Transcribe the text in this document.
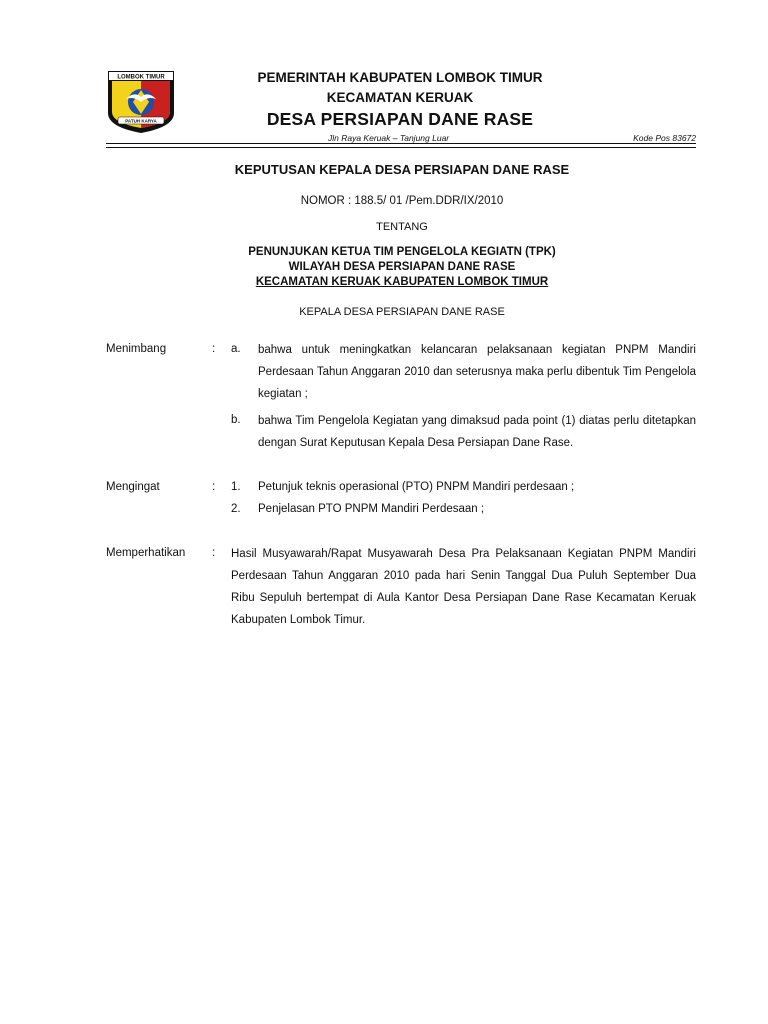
LOMBOK TIMUR
PATUH KARYA
PEMERINTAH KABUPATEN LOMBOK TIMUR
KECAMATAN KERUAK
DESA PERSIAPAN DANE RASE
Jln Raya Keruak – Tanjung Luar	Kode Pos 83672
KEPUTUSAN KEPALA DESA PERSIAPAN DANE RASE
NOMOR : 188.5/ 01 /Pem.DDR/IX/2010
TENTANG
PENUNJUKAN KETUA TIM PENGELOLA KEGIATN (TPK)
WILAYAH DESA PERSIAPAN DANE RASE
KECAMATAN KERUAK KABUPATEN LOMBOK TIMUR
KEPALA DESA PERSIAPAN DANE RASE
Menimbang	: a. bahwa untuk meningkatkan kelancaran pelaksanaan kegiatan PNPM Mandiri Perdesaan Tahun Anggaran 2010 dan seterusnya maka perlu dibentuk Tim Pengelola kegiatan ;

b. bahwa Tim Pengelola Kegiatan yang dimaksud pada point (1) diatas perlu ditetapkan dengan Surat Keputusan Kepala Desa Persiapan Dane Rase.

Mengingat	: 1. Petunjuk teknis operasional (PTO) PNPM Mandiri perdesaan ;
2. Penjelasan PTO PNPM Mandiri Perdesaan ;
Memperhatikan : Hasil Musyawarah/Rapat Musyawarah Desa Pra Pelaksanaan Kegiatan PNPM Mandiri Perdesaan Tahun Anggaran 2010 pada hari Senin Tanggal Dua Puluh September Dua Ribu Sepuluh bertempat di Aula Kantor Desa Persiapan Dane Rase Kecamatan Keruak Kabupaten Lombok Timur.
